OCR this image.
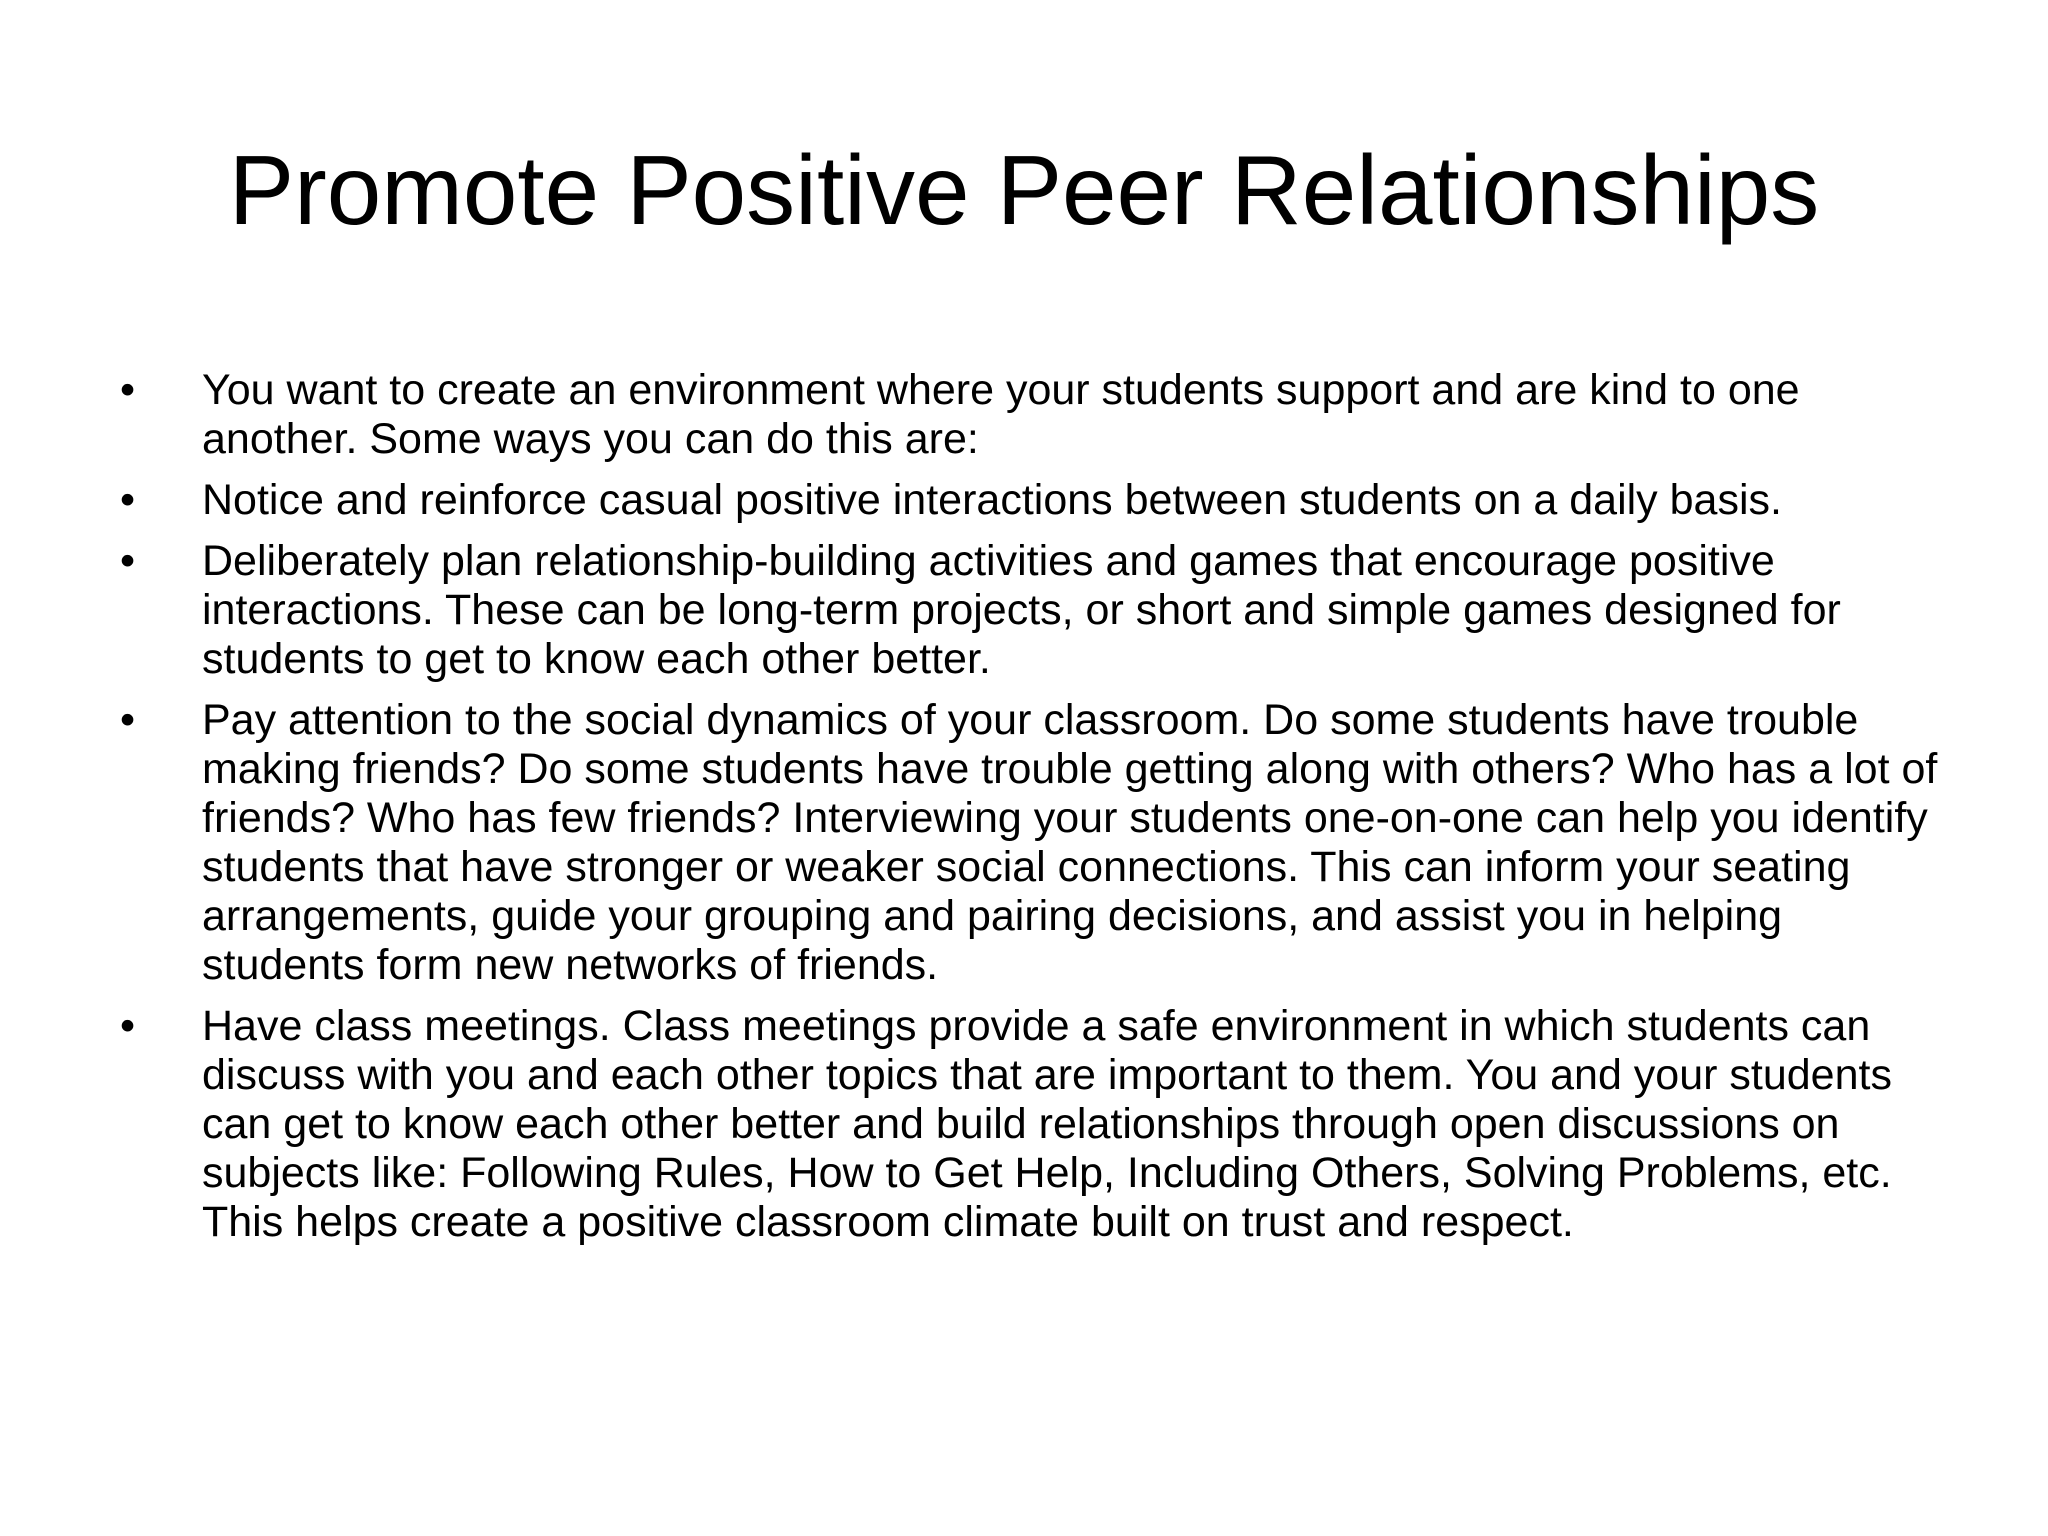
Promote Positive Peer Relationships
•	You want to create an environment where your students support and are kind to one another. Some ways you can do this are:
•	Notice and reinforce casual positive interactions between students on a daily basis.
•	Deliberately plan relationship-building activities and games that encourage positive interactions. These can be long-term projects, or short and simple games designed for students to get to know each other better.
•	Pay attention to the social dynamics of your classroom. Do some students have trouble making friends? Do some students have trouble getting along with others? Who has a lot of friends? Who has few friends? Interviewing your students one-on-one can help you identify students that have stronger or weaker social connections. This can inform your seating arrangements, guide your grouping and pairing decisions, and assist you in helping students form new networks of friends.
•	Have class meetings. Class meetings provide a safe environment in which students can discuss with you and each other topics that are important to them. You and your students can get to know each other better and build relationships through open discussions on subjects like: Following Rules, How to Get Help, Including Others, Solving Problems, etc. This helps create a positive classroom climate built on trust and respect.
